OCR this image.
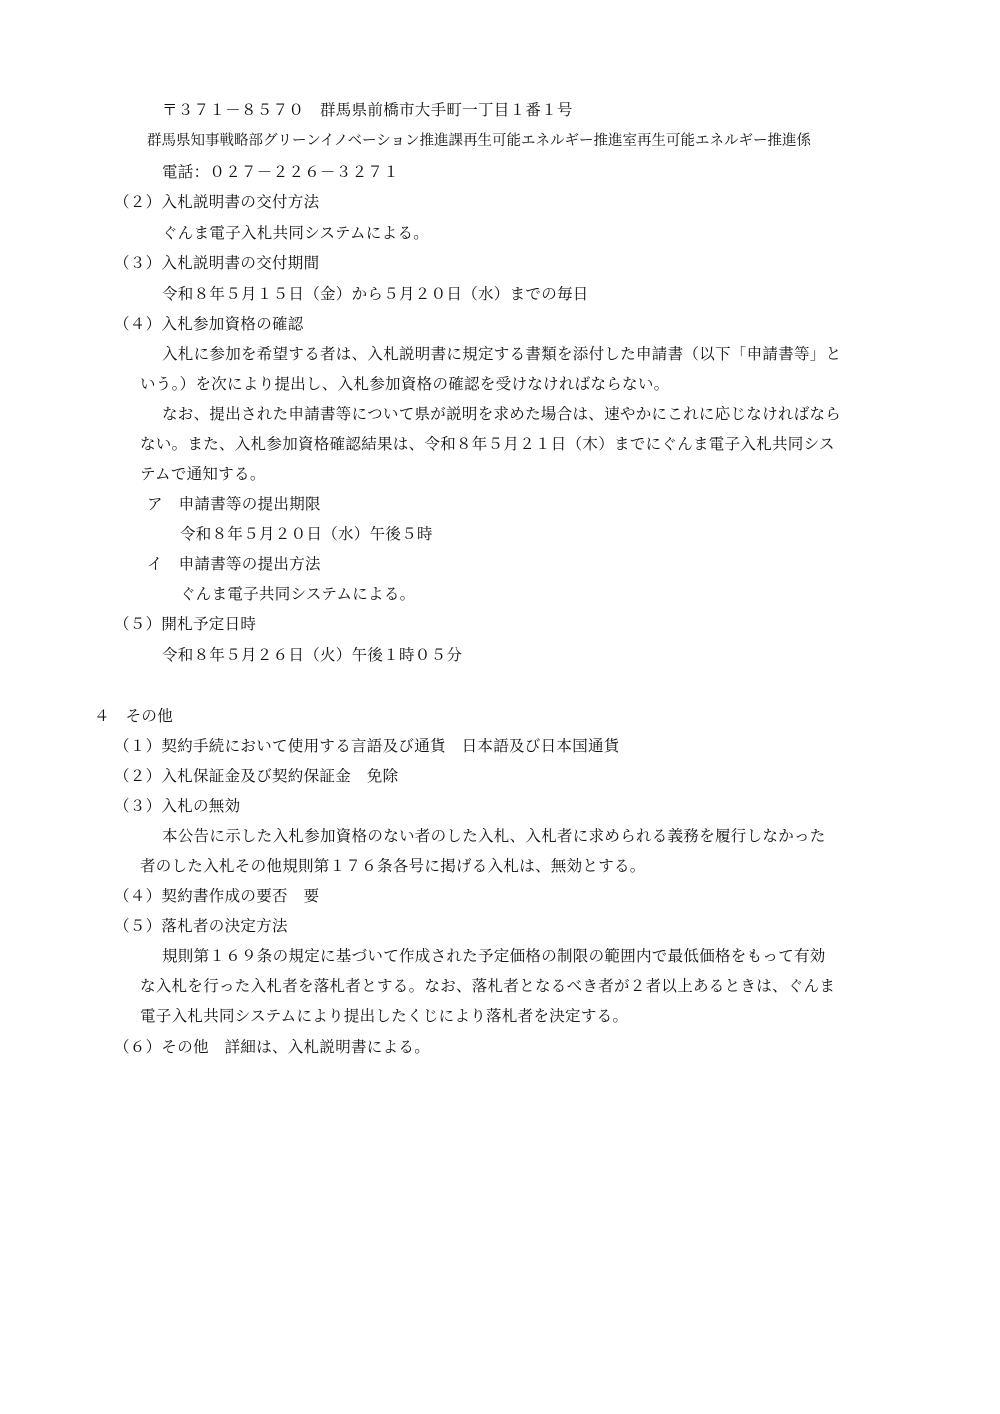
〒３７１－８５７０　群馬県前橋市大手町一丁目１番１号
群馬県知事戦略部グリーンイノベーション推進課再生可能エネルギー推進室再生可能エネルギー推進係
電話：０２７－２２６－３２７１
（２）入札説明書の交付方法
ぐんま電子入札共同システムによる。
（３）入札説明書の交付期間
令和８年５月１５日（金）から５月２０日（水）までの毎日
（４）入札参加資格の確認
入札に参加を希望する者は、入札説明書に規定する書類を添付した申請書（以下「申請書等」と
いう。）を次により提出し、入札参加資格の確認を受けなければならない。
なお、提出された申請書等について県が説明を求めた場合は、速やかにこれに応じなければなら
ない。また、入札参加資格確認結果は、令和８年５月２１日（木）までにぐんま電子入札共同シス
テムで通知する。
ア　申請書等の提出期限
令和８年５月２０日（水）午後５時
イ　申請書等の提出方法
ぐんま電子共同システムによる。
（５）開札予定日時
令和８年５月２６日（火）午後１時０５分
４　その他
（１）契約手続において使用する言語及び通貨　日本語及び日本国通貨
（２）入札保証金及び契約保証金　免除
（３）入札の無効
本公告に示した入札参加資格のない者のした入札、入札者に求められる義務を履行しなかった
者のした入札その他規則第１７６条各号に掲げる入札は、無効とする。
（４）契約書作成の要否　要
（５）落札者の決定方法
規則第１６９条の規定に基づいて作成された予定価格の制限の範囲内で最低価格をもって有効
な入札を行った入札者を落札者とする。なお、落札者となるべき者が２者以上あるときは、ぐんま
電子入札共同システムにより提出したくじにより落札者を決定する。
（６）その他　詳細は、入札説明書による。
